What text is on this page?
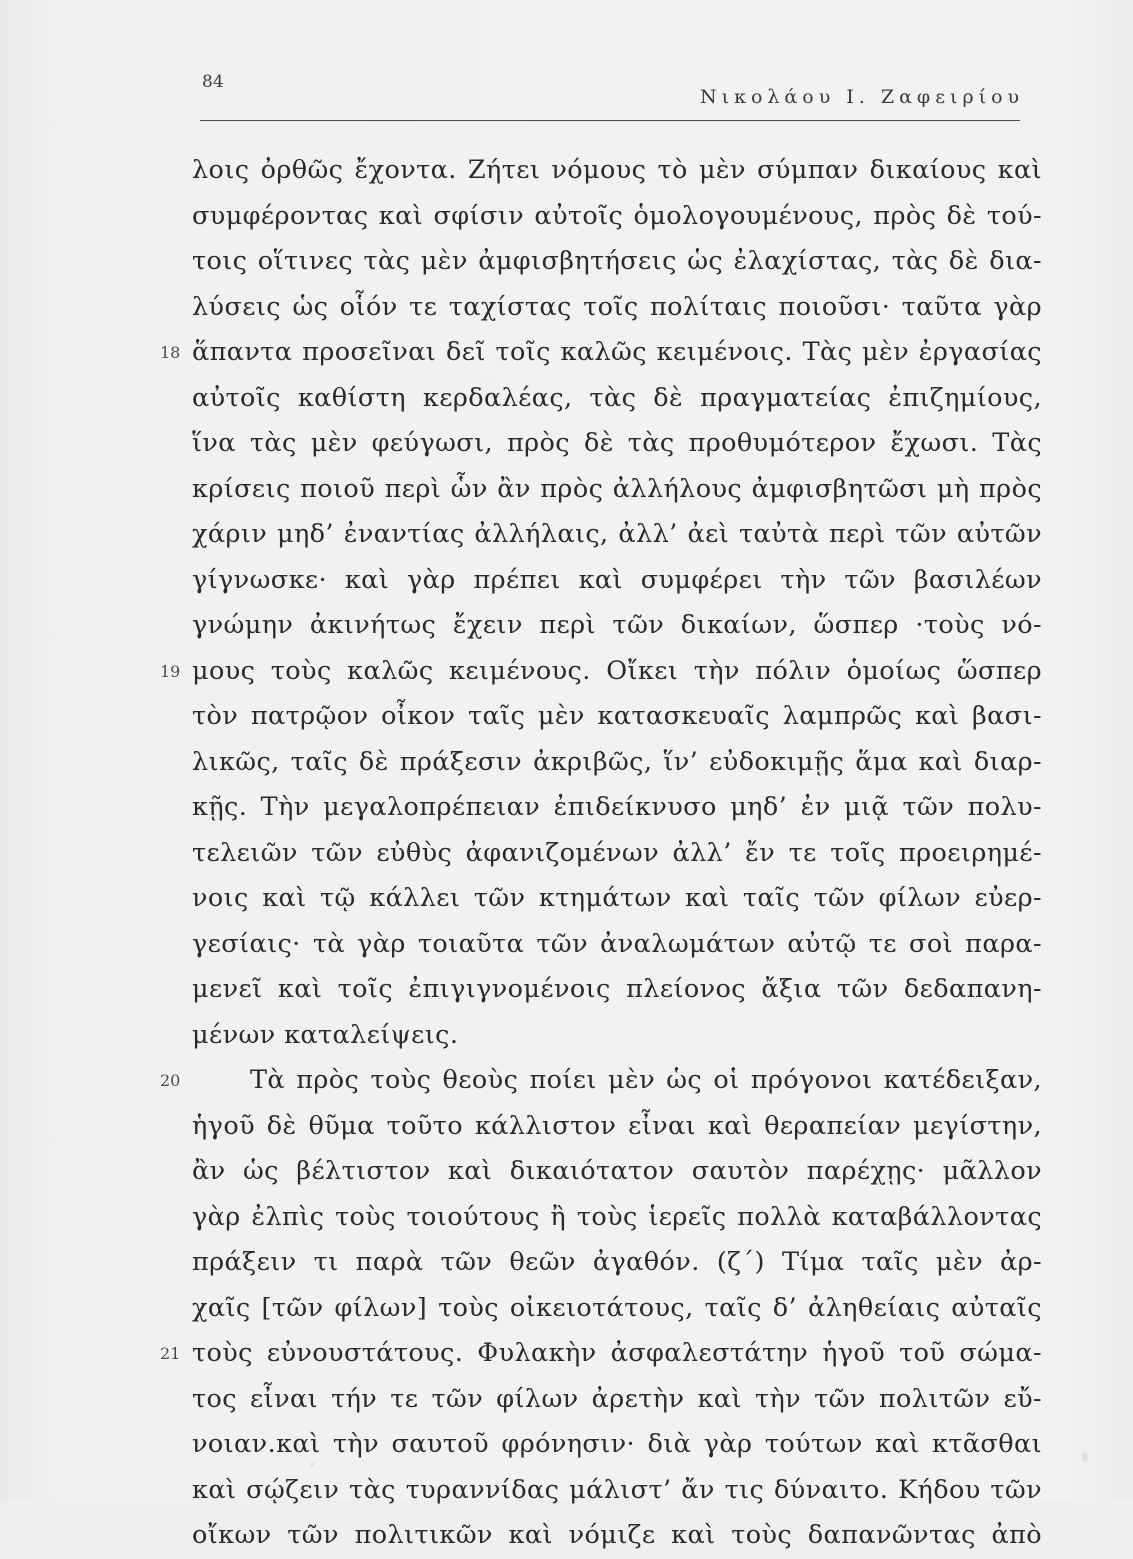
84
Νικολάου Ι. Ζαφειρίου
λοις ὀρθῶς ἔχοντα. Ζήτει νόμους τὸ μὲν σύμπαν δικαίους καὶ
συμφέροντας καὶ σφίσιν αὐτοῖς ὁμολογουμένους, πρὸς δὲ τού-
τοις οἵτινες τὰς μὲν ἀμφισβητήσεις ὡς ἐλαχίστας, τὰς δὲ δια-
λύσεις ὡς οἷόν τε ταχίστας τοῖς πολίταις ποιοῦσι· ταῦτα γὰρ
18 ἅπαντα προσεῖναι δεῖ τοῖς καλῶς κειμένοις. Τὰς μὲν ἐργασίας
αὐτοῖς καθίστη κερδαλέας, τὰς δὲ πραγματείας ἐπιζημίους,
ἵνα τὰς μὲν φεύγωσι, πρὸς δὲ τὰς προθυμότερον ἔχωσι. Τὰς
κρίσεις ποιοῦ περὶ ὧν ἂν πρὸς ἀλλήλους ἀμφισβητῶσι μὴ πρὸς
χάριν μηδ’ ἐναντίας ἀλλήλαις, ἀλλ’ ἀεὶ ταὐτὰ περὶ τῶν αὐτῶν
γίγνωσκε· καὶ γὰρ πρέπει καὶ συμφέρει τὴν τῶν βασιλέων
γνώμην ἀκινήτως ἔχειν περὶ τῶν δικαίων, ὥσπερ ·τοὺς νό-
19 μους τοὺς καλῶς κειμένους. Οἴκει τὴν πόλιν ὁμοίως ὥσπερ
τὸν πατρῷον οἶκον ταῖς μὲν κατασκευαῖς λαμπρῶς καὶ βασι-
λικῶς, ταῖς δὲ πράξεσιν ἀκριβῶς, ἵν’ εὐδοκιμῇς ἅμα καὶ διαρ-
κῇς. Τὴν μεγαλοπρέπειαν ἐπιδείκνυσο μηδ’ ἐν μιᾷ τῶν πολυ-
τελειῶν τῶν εὐθὺς ἀφανιζομένων ἀλλ’ ἔν τε τοῖς προειρημέ-
νοις καὶ τῷ κάλλει τῶν κτημάτων καὶ ταῖς τῶν φίλων εὐερ-
γεσίαις· τὰ γὰρ τοιαῦτα τῶν ἀναλωμάτων αὐτῷ τε σοὶ παρα-
μενεῖ καὶ τοῖς ἐπιγιγνομένοις πλείονος ἄξια τῶν δεδαπανη-
μένων καταλείψεις.
20	Τὰ πρὸς τοὺς θεοὺς ποίει μὲν ὡς οἱ πρόγονοι κατέδειξαν,
ἡγοῦ δὲ θῦμα τοῦτο κάλλιστον εἶναι καὶ θεραπείαν μεγίστην,
ἂν ὡς βέλτιστον καὶ δικαιότατον σαυτὸν παρέχῃς· μᾶλλον
γὰρ ἐλπὶς τοὺς τοιούτους ἢ τοὺς ἱερεῖς πολλὰ καταβάλλοντας
πράξειν τι παρὰ τῶν θεῶν ἀγαθόν. (ζ΄) Τίμα ταῖς μὲν ἀρ-
χαῖς [τῶν φίλων] τοὺς οἰκειοτάτους, ταῖς δ’ ἀληθείαις αὐταῖς
21 τοὺς εὐνουστάτους. Φυλακὴν ἀσφαλεστάτην ἡγοῦ τοῦ σώμα-
τος εἶναι τήν τε τῶν φίλων ἀρετὴν καὶ τὴν τῶν πολιτῶν εὔ-
νοιαν.καὶ τὴν σαυτοῦ φρόνησιν· διὰ γὰρ τούτων καὶ κτᾶσθαι
καὶ σῴζειν τὰς τυραννίδας μάλιστ’ ἄν τις δύναιτο. Κήδου τῶν
οἴκων τῶν πολιτικῶν καὶ νόμιζε καὶ τοὺς δαπανῶντας ἀπὸ
